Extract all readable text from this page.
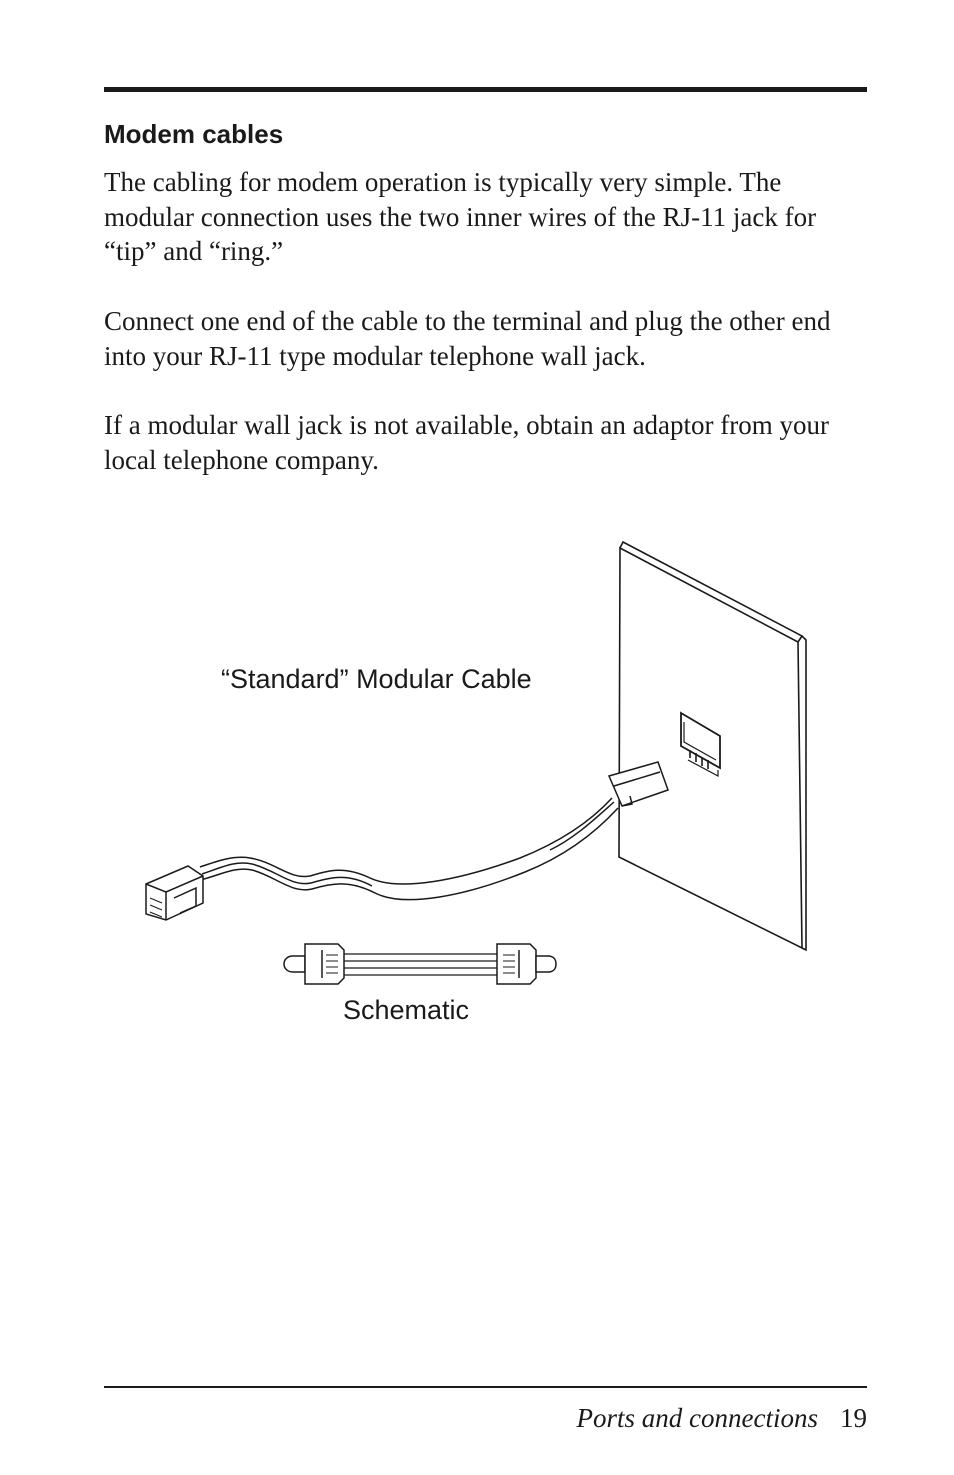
Modem cables

The cabling for modem operation is typically very simple. The modular connection uses the two inner wires of the RJ-11 jack for “tip” and “ring.”

Connect one end of the cable to the terminal and plug the other end into your RJ-11 type modular telephone wall jack.

If a modular wall jack is not available, obtain an adaptor from your local telephone company.

“Standard” Modular Cable
Schematic
Ports and connections 19
